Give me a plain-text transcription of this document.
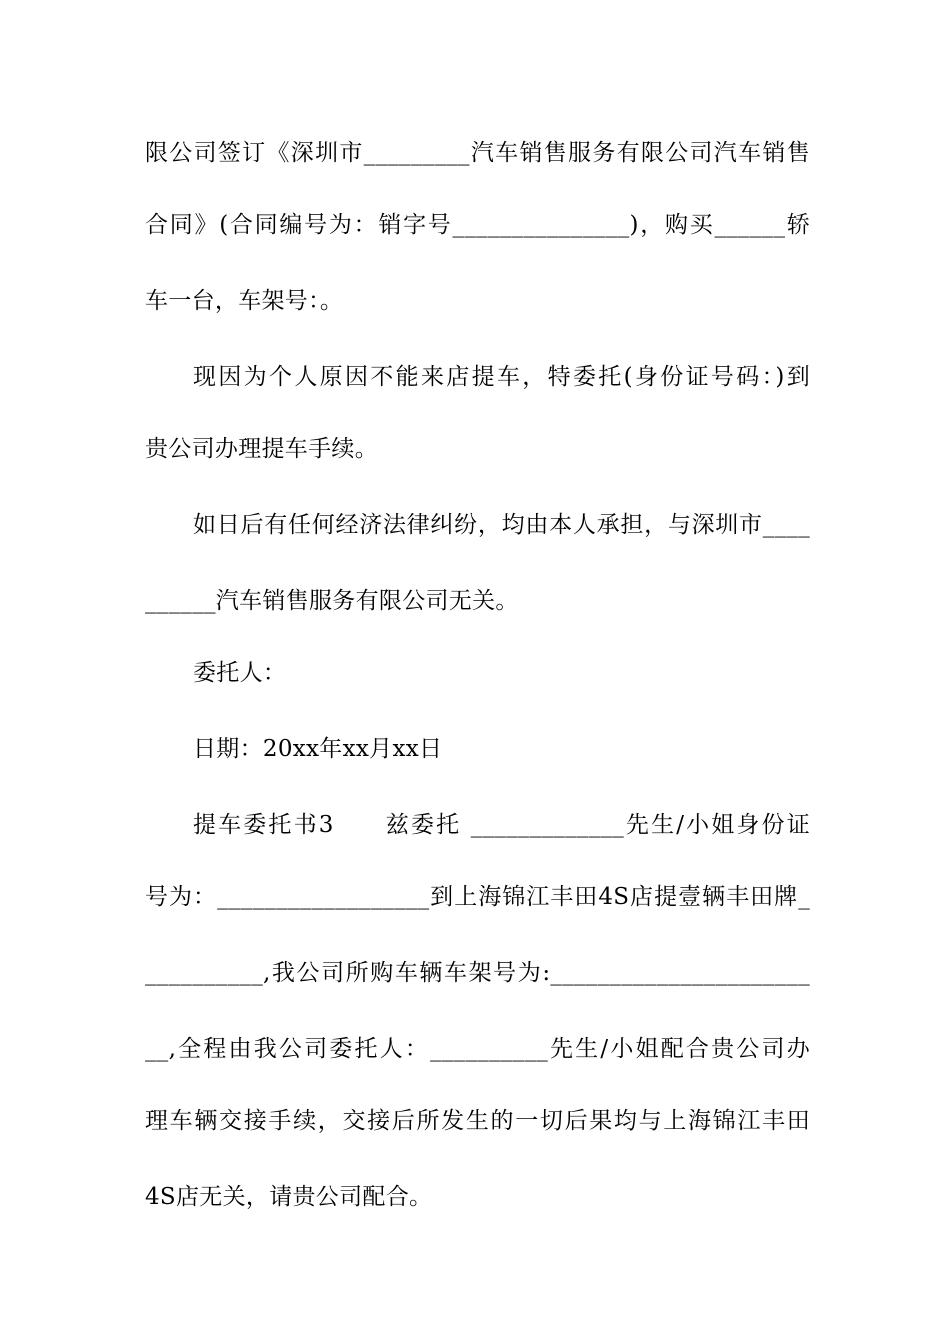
限公司签订《深圳市_________汽车销售服务有限公司汽车销售
合同》(合同编号为：销字号_______________)，购买______轿
车一台，车架号：。
现因为个人原因不能来店提车，特委托(身份证号码：)到
贵公司办理提车手续。
如日后有任何经济法律纠纷，均由本人承担，与深圳市____
______汽车销售服务有限公司无关。
委托人：
日期：20xx年xx月xx日
提车委托书3　　兹委托 _____________先生/小姐身份证
号为：__________________到上海锦江丰田4S店提壹辆丰田牌_
__________,我公司所购车辆车架号为:______________________
__,全程由我公司委托人：__________先生/小姐配合贵公司办
理车辆交接手续，交接后所发生的一切后果均与上海锦江丰田
4S店无关，请贵公司配合。
